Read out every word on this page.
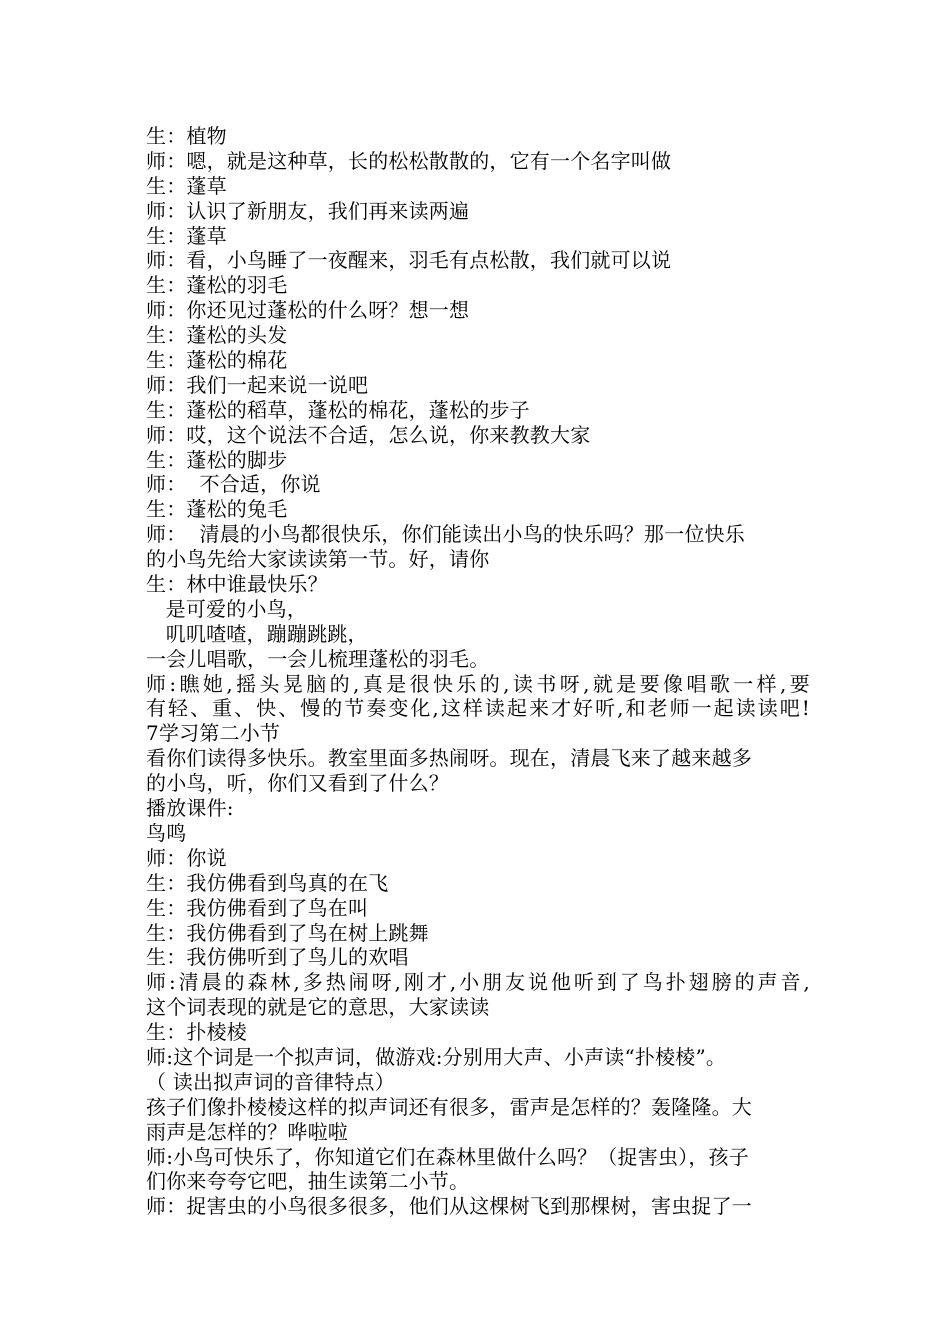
生：植物
师：嗯，就是这种草，长的松松散散的，它有一个名字叫做
生：蓬草
师：认识了新朋友，我们再来读两遍
生：蓬草
师：看，小鸟睡了一夜醒来，羽毛有点松散，我们就可以说
生：蓬松的羽毛
师：你还见过蓬松的什么呀？想一想
生：蓬松的头发
生：蓬松的棉花
师：我们一起来说一说吧
生：蓬松的稻草，蓬松的棉花，蓬松的步子
师：哎，这个说法不合适，怎么说，你来教教大家
生：蓬松的脚步
师：  不合适，你说
生：蓬松的兔毛
师：  清晨的小鸟都很快乐，你们能读出小鸟的快乐吗？那一位快乐
的小鸟先给大家读读第一节。好，请你
生：林中谁最快乐？
是可爱的小鸟，
叽叽喳喳，蹦蹦跳跳，
一会儿唱歌，一会儿梳理蓬松的羽毛。
师:瞧她,摇头晃脑的,真是很快乐的,读书呀,就是要像唱歌一样,要
有轻、重、快、慢的节奏变化,这样读起来才好听,和老师一起读读吧!
7学习第二小节
看你们读得多快乐。教室里面多热闹呀。现在，清晨飞来了越来越多
的小鸟，听，你们又看到了什么？
播放课件:
鸟鸣
师：你说
生：我仿佛看到鸟真的在飞
生：我仿佛看到了鸟在叫
生：我仿佛看到了鸟在树上跳舞
生：我仿佛听到了鸟儿的欢唱
师:清晨的森林,多热闹呀,刚才,小朋友说他听到了鸟扑翅膀的声音,
这个词表现的就是它的意思，大家读读
生：扑棱棱
师:这个词是一个拟声词，做游戏:分别用大声、小声读“扑棱棱”。
（ 读出拟声词的音律特点）
孩子们像扑棱棱这样的拟声词还有很多，雷声是怎样的？轰隆隆。大
雨声是怎样的？哗啦啦
师:小鸟可快乐了，你知道它们在森林里做什么吗？（捉害虫），孩子
们你来夸夸它吧，抽生读第二小节。
师：捉害虫的小鸟很多很多，他们从这棵树飞到那棵树，害虫捉了一
